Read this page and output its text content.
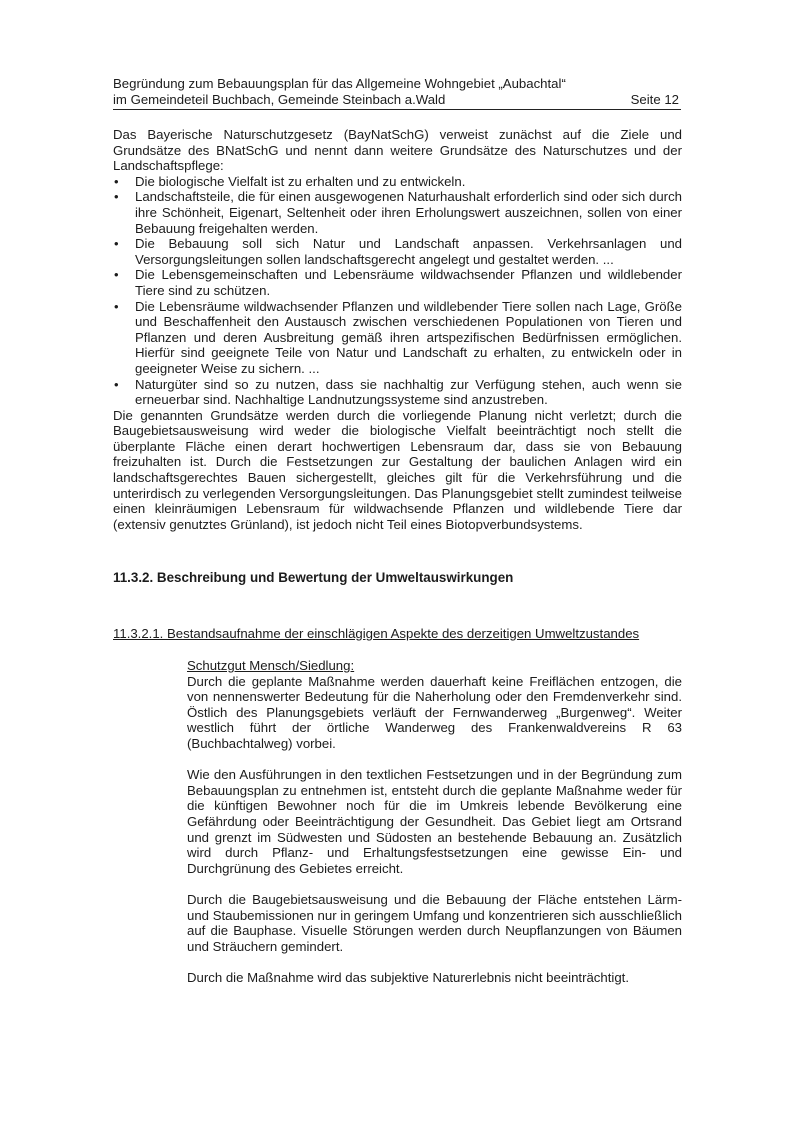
Begründung zum Bebauungsplan für das Allgemeine Wohngebiet „Aubachtal“
im Gemeindeteil Buchbach, Gemeinde Steinbach a.Wald	Seite 12

Das Bayerische Naturschutzgesetz (BayNatSchG) verweist zunächst auf die Ziele und Grundsätze des BNatSchG und nennt dann weitere Grundsätze des Naturschutzes und der Landschaftspflege:

• Die biologische Vielfalt ist zu erhalten und zu entwickeln.
• Landschaftsteile, die für einen ausgewogenen Naturhaushalt erforderlich sind oder sich durch ihre Schönheit, Eigenart, Seltenheit oder ihren Erholungswert auszeichnen, sollen von einer Bebauung freigehalten werden.
• Die Bebauung soll sich Natur und Landschaft anpassen. Verkehrsanlagen und Versorgungsleitungen sollen landschaftsgerecht angelegt und gestaltet werden. ...
• Die Lebensgemeinschaften und Lebensräume wildwachsender Pflanzen und wildlebender Tiere sind zu schützen.
• Die Lebensräume wildwachsender Pflanzen und wildlebender Tiere sollen nach Lage, Größe und Beschaffenheit den Austausch zwischen verschiedenen Populationen von Tieren und Pflanzen und deren Ausbreitung gemäß ihren artspezifischen Bedürfnissen ermöglichen. Hierfür sind geeignete Teile von Natur und Landschaft zu erhalten, zu entwickeln oder in geeigneter Weise zu sichern. ...
• Naturgüter sind so zu nutzen, dass sie nachhaltig zur Verfügung stehen, auch wenn sie erneuerbar sind. Nachhaltige Landnutzungssysteme sind anzustreben.

Die genannten Grundsätze werden durch die vorliegende Planung nicht verletzt; durch die Baugebietsausweisung wird weder die biologische Vielfalt beeinträchtigt noch stellt die überplante Fläche einen derart hochwertigen Lebensraum dar, dass sie von Bebauung freizuhalten ist. Durch die Festsetzungen zur Gestaltung der baulichen Anlagen wird ein landschaftsgerechtes Bauen sichergestellt, gleiches gilt für die Verkehrsführung und die unterirdisch zu verlegenden Versorgungsleitungen. Das Planungsgebiet stellt zumindest teilweise einen kleinräumigen Lebensraum für wildwachsende Pflanzen und wildlebende Tiere dar (extensiv genutztes Grünland), ist jedoch nicht Teil eines Biotopverbundsystems.

11.3.2. Beschreibung und Bewertung der Umweltauswirkungen
11.3.2.1. Bestandsaufnahme der einschlägigen Aspekte des derzeitigen Umweltzustandes

Schutzgut Mensch/Siedlung:
Durch die geplante Maßnahme werden dauerhaft keine Freiflächen entzogen, die von nennenswerter Bedeutung für die Naherholung oder den Fremdenverkehr sind. Östlich des Planungsgebiets verläuft der Fernwanderweg „Burgenweg“. Weiter westlich führt der örtliche Wanderweg des Frankenwaldvereins R 63 (Buchbachtalweg) vorbei.

Wie den Ausführungen in den textlichen Festsetzungen und in der Begründung zum Bebauungsplan zu entnehmen ist, entsteht durch die geplante Maßnahme weder für die künftigen Bewohner noch für die im Umkreis lebende Bevölkerung eine Gefährdung oder Beeinträchtigung der Gesundheit. Das Gebiet liegt am Ortsrand und grenzt im Südwesten und Südosten an bestehende Bebauung an. Zusätzlich wird durch Pflanz- und Erhaltungsfestsetzungen eine gewisse Ein- und Durchgrünung des Gebietes erreicht.

Durch die Baugebietsausweisung und die Bebauung der Fläche entstehen Lärm- und Staubemissionen nur in geringem Umfang und konzentrieren sich ausschließlich auf die Bauphase. Visuelle Störungen werden durch Neupflanzungen von Bäumen und Sträuchern gemindert.

Durch die Maßnahme wird das subjektive Naturerlebnis nicht beeinträchtigt.
